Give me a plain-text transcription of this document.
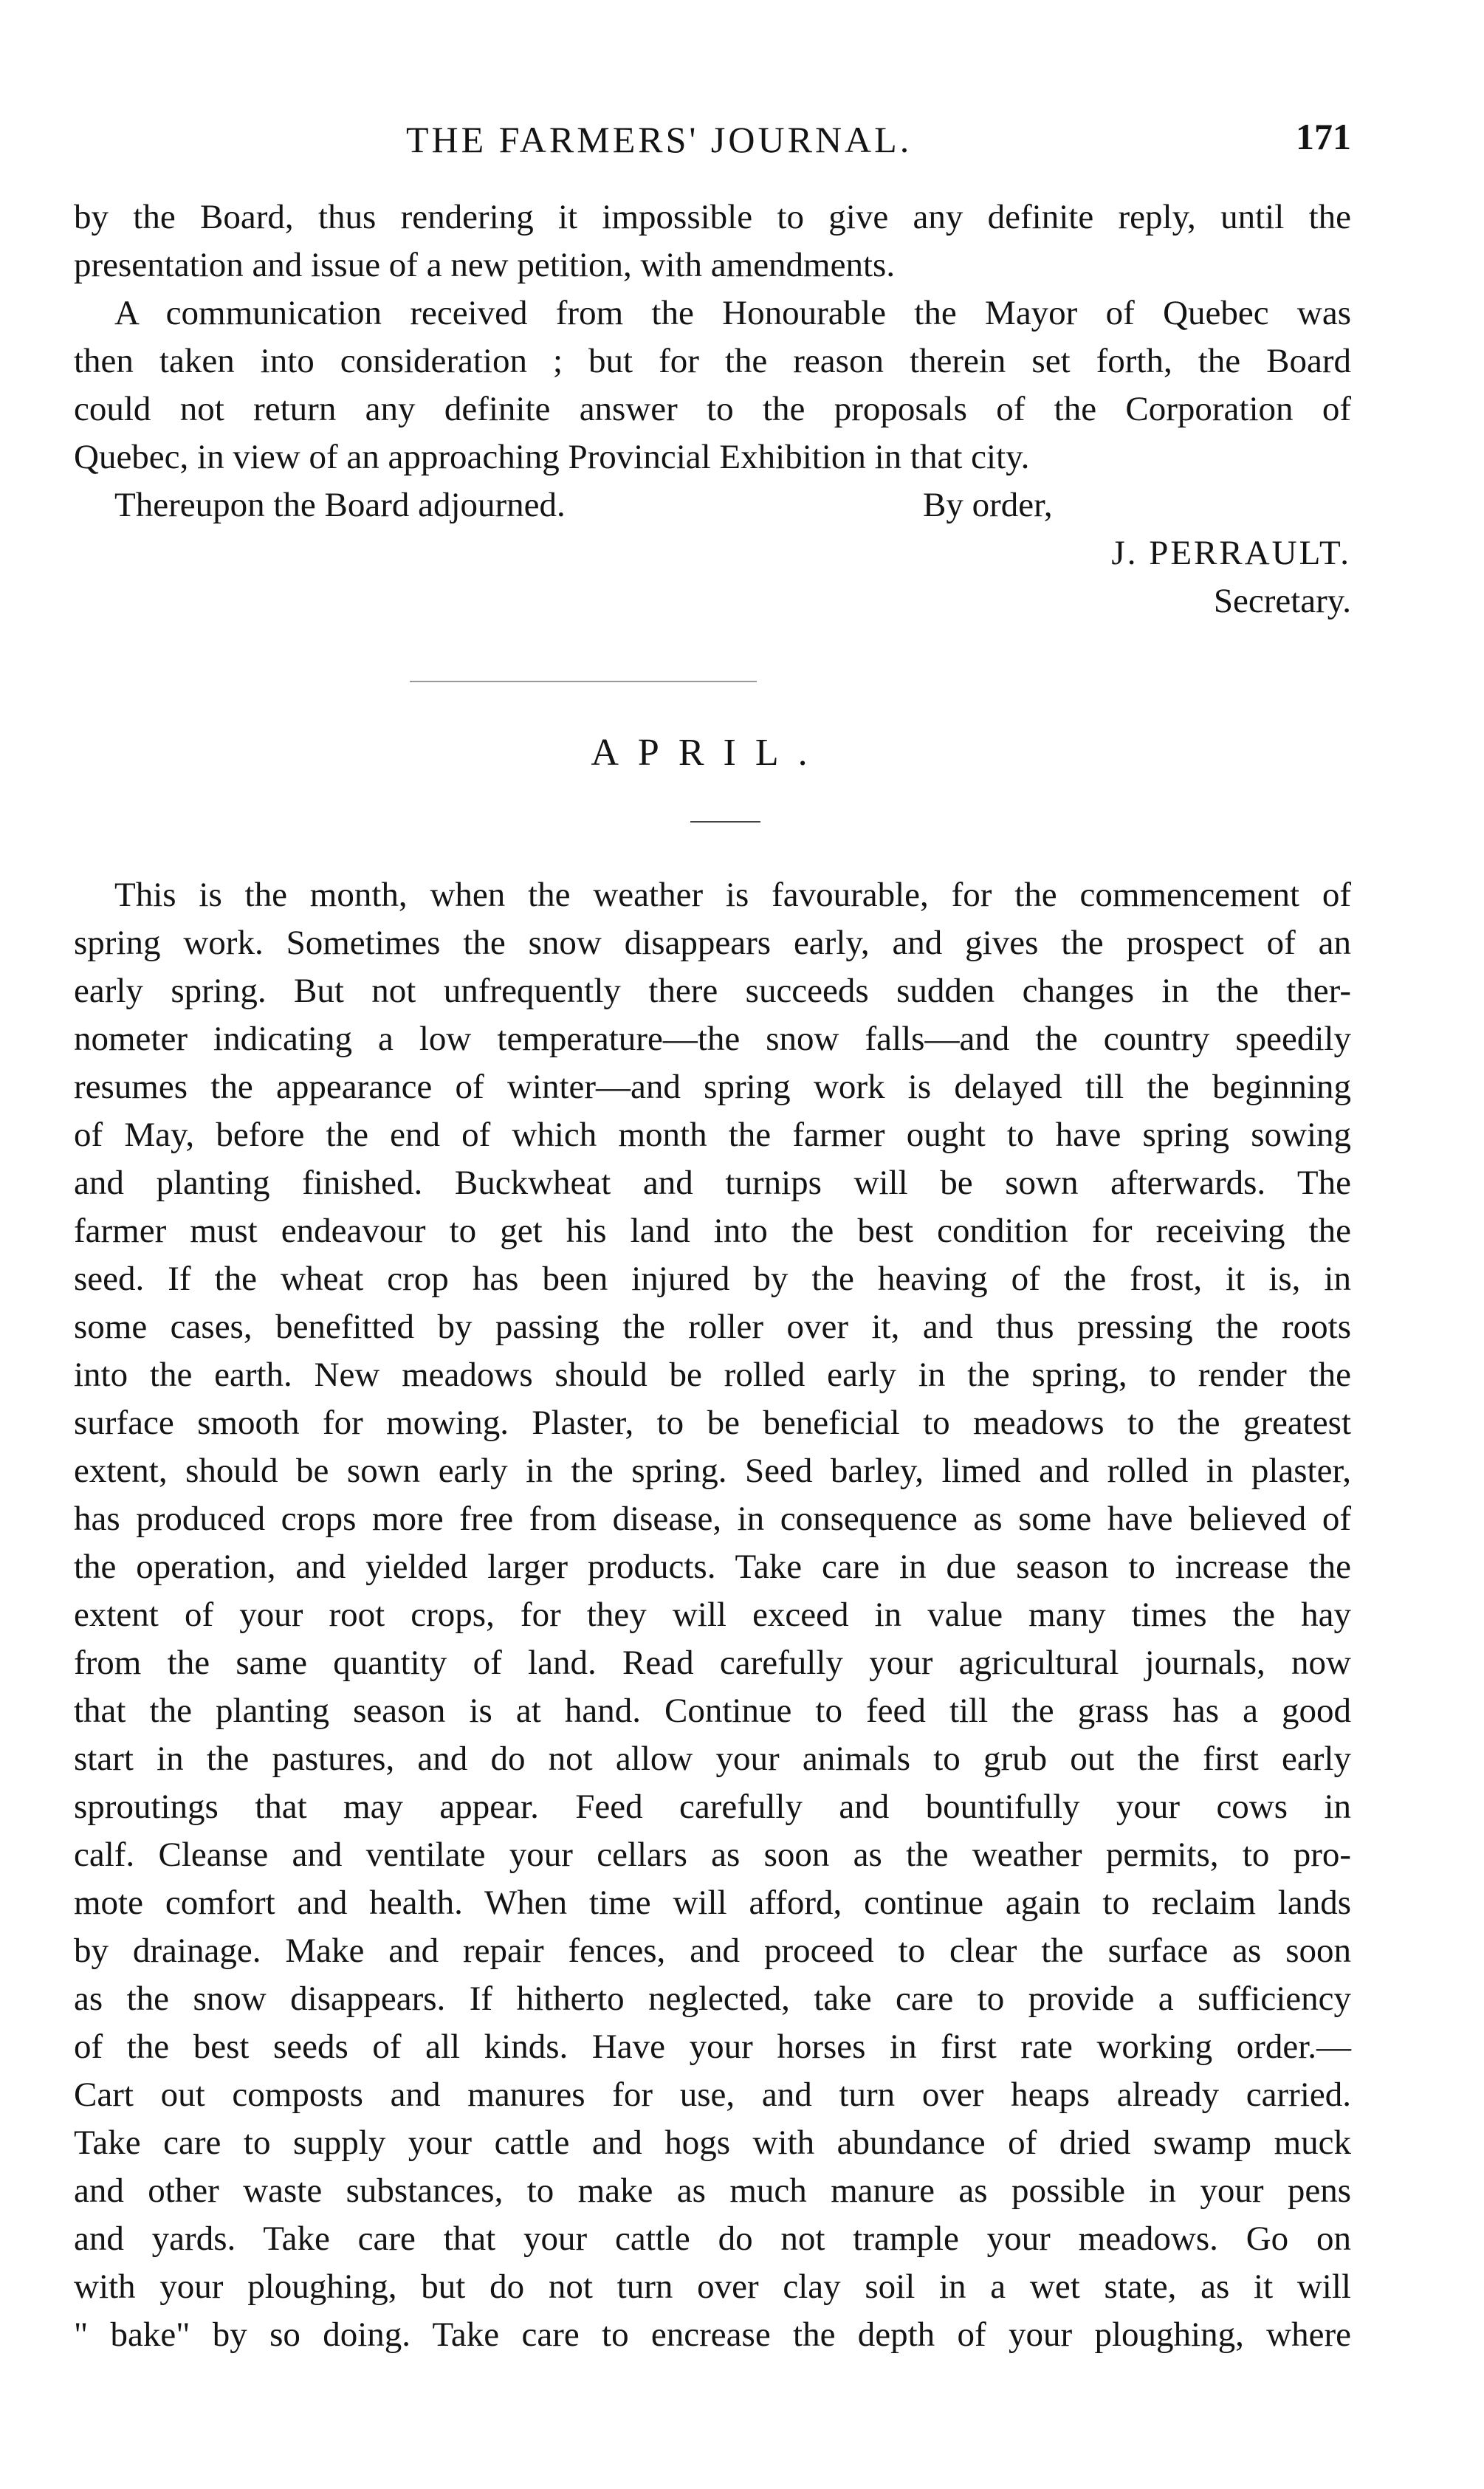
THE FARMERS' JOURNAL.	171
by the Board, thus rendering it impossible to give any definite reply, until the
presentation and issue of a new petition, with amendments.
A communication received from the Honourable the Mayor of Quebec was
then taken into consideration ; but for the reason therein set forth, the Board
could not return any definite answer to the proposals of the Corporation of
Quebec, in view of an approaching Provincial Exhibition in that city.
Thereupon the Board adjourned.	By order,
J. PERRAULT.
Secretary.
APRIL.
This is the month, when the weather is favourable, for the commencement of
spring work. Sometimes the snow disappears early, and gives the prospect of an
early spring. But not unfrequently there succeeds sudden changes in the ther-
nometer indicating a low temperature—the snow falls—and the country speedily
resumes the appearance of winter—and spring work is delayed till the beginning
of May, before the end of which month the farmer ought to have spring sowing
and planting finished. Buckwheat and turnips will be sown afterwards. The
farmer must endeavour to get his land into the best condition for receiving the
seed. If the wheat crop has been injured by the heaving of the frost, it is, in
some cases, benefitted by passing the roller over it, and thus pressing the roots
into the earth. New meadows should be rolled early in the spring, to render the
surface smooth for mowing. Plaster, to be beneficial to meadows to the greatest
extent, should be sown early in the spring. Seed barley, limed and rolled in plaster,
has produced crops more free from disease, in consequence as some have believed of
the operation, and yielded larger products. Take care in due season to increase the
extent of your root crops, for they will exceed in value many times the hay
from the same quantity of land. Read carefully your agricultural journals, now
that the planting season is at hand. Continue to feed till the grass has a good
start in the pastures, and do not allow your animals to grub out the first early
sproutings that may appear. Feed carefully and bountifully your cows in
calf. Cleanse and ventilate your cellars as soon as the weather permits, to pro-
mote comfort and health. When time will afford, continue again to reclaim lands
by drainage. Make and repair fences, and proceed to clear the surface as soon
as the snow disappears. If hitherto neglected, take care to provide a sufficiency
of the best seeds of all kinds. Have your horses in first rate working order.—
Cart out composts and manures for use, and turn over heaps already carried.
Take care to supply your cattle and hogs with abundance of dried swamp muck
and other waste substances, to make as much manure as possible in your pens
and yards. Take care that your cattle do not trample your meadows. Go on
with your ploughing, but do not turn over clay soil in a wet state, as it will
" bake" by so doing. Take care to encrease the depth of your ploughing, where
